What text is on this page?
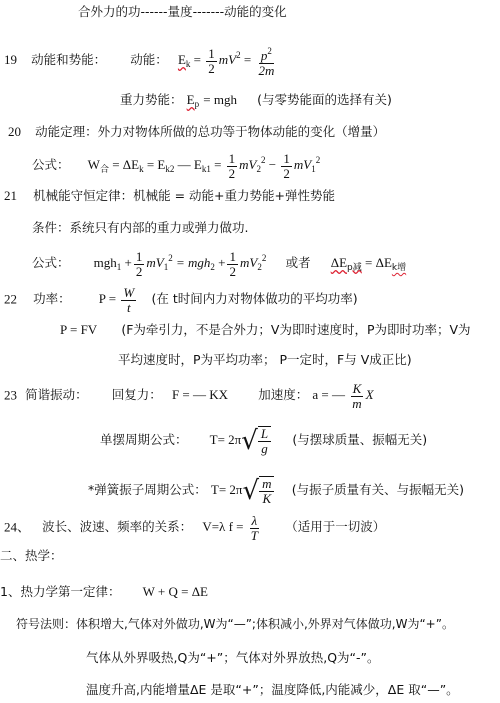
合外力的功------量度-------动能的变化
19 动能和势能： 动能： $E_k = \frac{1}{2} mV^2 = \frac{p^2}{2m}$
重力势能： $E_p$ = mgh (与零势能面的选择有关)
20 动能定理：外力对物体所做的总功等于物体动能的变化（增量）
公式： $W_合 = \Delta E_k = E_{k2}$ — $E_{k1} = \frac{1}{2} mV_2^2 - \frac{1}{2} mV_1^2$
21 机械能守恒定律：机械能 = 动能+重力势能+弹性势能
条件：系统只有内部的重力或弹力做功.
公式： $mgh_1 + \frac{1}{2} mV_1^2 = mgh_2 + \frac{1}{2} mV_2^2$ 或者 $\Delta E_{p减} = \Delta E_{k增}$
22 功率： $P = \frac{W}{t}$ (在 t时间内力对物体做功的平均功率)
P = FV (F为牵引力，不是合外力；V为即时速度时，P为即时功率；V为
平均速度时，P为平均功率； P一定时，F与 V成正比)
23 简谐振动： 回复力： F = — KX 加速度： a = — $\frac{K}{m}$ X
单摆周期公式： T= 2π √ L
g
(与摆球质量、振幅无关)
*弹簧振子周期公式： T= 2π √ m
K
(与振子质量有关、与振幅无关)
24、 波长、波速、频率的关系： V=λ $f = \frac{\lambda}{T}$ （适用于一切波）
二、热学：
1、热力学第一定律： W + Q = ΔE
符号法则：体积增大,气体对外做功,W为“—”;体积减小,外界对气体做功,W为“+”。
气体从外界吸热,Q为“+”；气体对外界放热,Q为“-”。
温度升高,内能增量ΔE 是取“+”；温度降低,内能减少，ΔE 取“—”。
